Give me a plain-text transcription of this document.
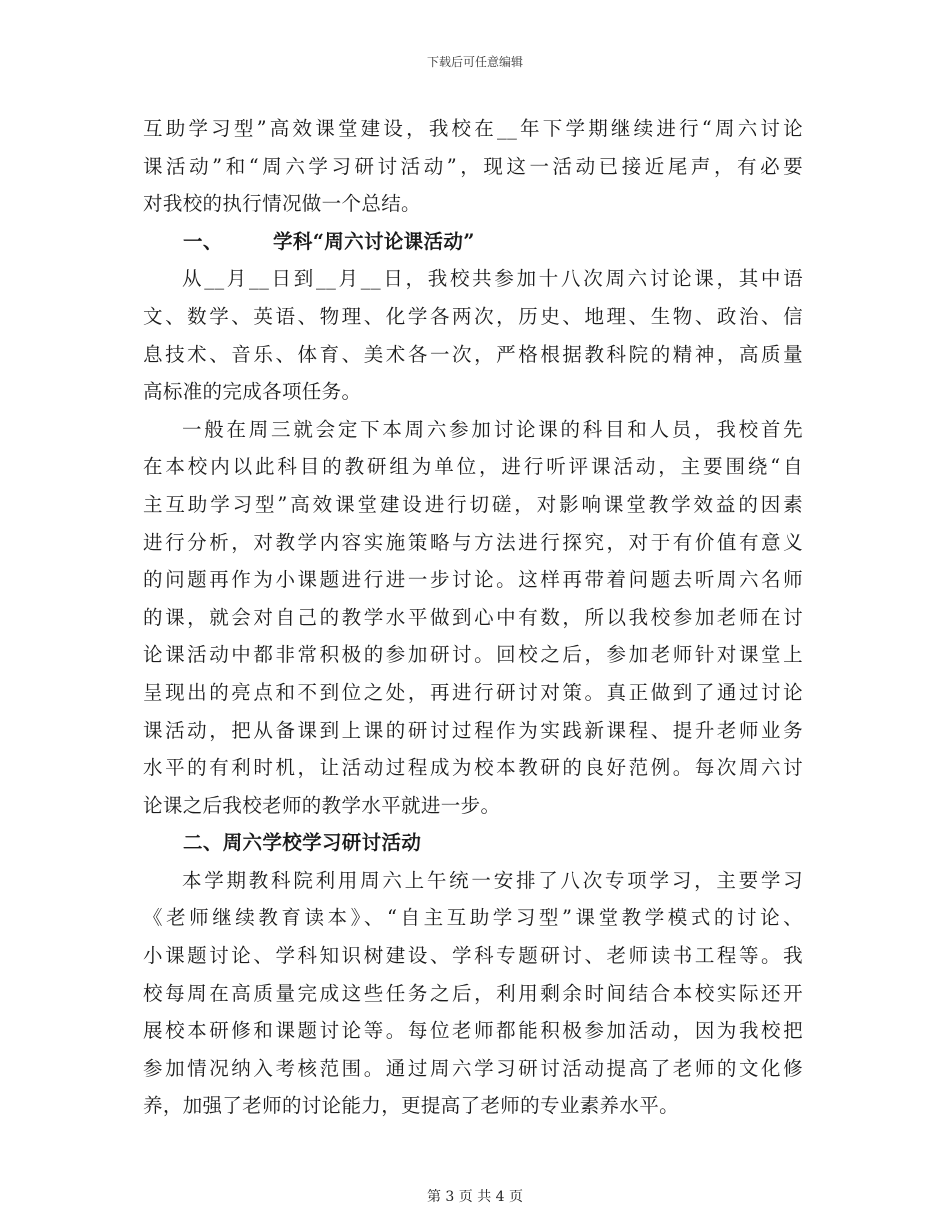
下载后可任意编辑
互助学习型”高效课堂建设，我校在__年下学期继续进行“周六讨论
课活动”和“周六学习研讨活动”，现这一活动已接近尾声，有必要
对我校的执行情况做一个总结。
一、	学科“周六讨论课活动”
从__月__日到__月__日，我校共参加十八次周六讨论课，其中语
文、数学、英语、物理、化学各两次，历史、地理、生物、政治、信
息技术、音乐、体育、美术各一次，严格根据教科院的精神，高质量
高标准的完成各项任务。
一般在周三就会定下本周六参加讨论课的科目和人员，我校首先
在本校内以此科目的教研组为单位，进行听评课活动，主要围绕“自
主互助学习型”高效课堂建设进行切磋，对影响课堂教学效益的因素
进行分析，对教学内容实施策略与方法进行探究，对于有价值有意义
的问题再作为小课题进行进一步讨论。这样再带着问题去听周六名师
的课，就会对自己的教学水平做到心中有数，所以我校参加老师在讨
论课活动中都非常积极的参加研讨。回校之后，参加老师针对课堂上
呈现出的亮点和不到位之处，再进行研讨对策。真正做到了通过讨论
课活动，把从备课到上课的研讨过程作为实践新课程、提升老师业务
水平的有利时机，让活动过程成为校本教研的良好范例。每次周六讨
论课之后我校老师的教学水平就进一步。
二、周六学校学习研讨活动
本学期教科院利用周六上午统一安排了八次专项学习，主要学习
《老师继续教育读本》、“自主互助学习型”课堂教学模式的讨论、
小课题讨论、学科知识树建设、学科专题研讨、老师读书工程等。我
校每周在高质量完成这些任务之后，利用剩余时间结合本校实际还开
展校本研修和课题讨论等。每位老师都能积极参加活动，因为我校把
参加情况纳入考核范围。通过周六学习研讨活动提高了老师的文化修
养，加强了老师的讨论能力，更提高了老师的专业素养水平。
第 3 页 共 4 页
